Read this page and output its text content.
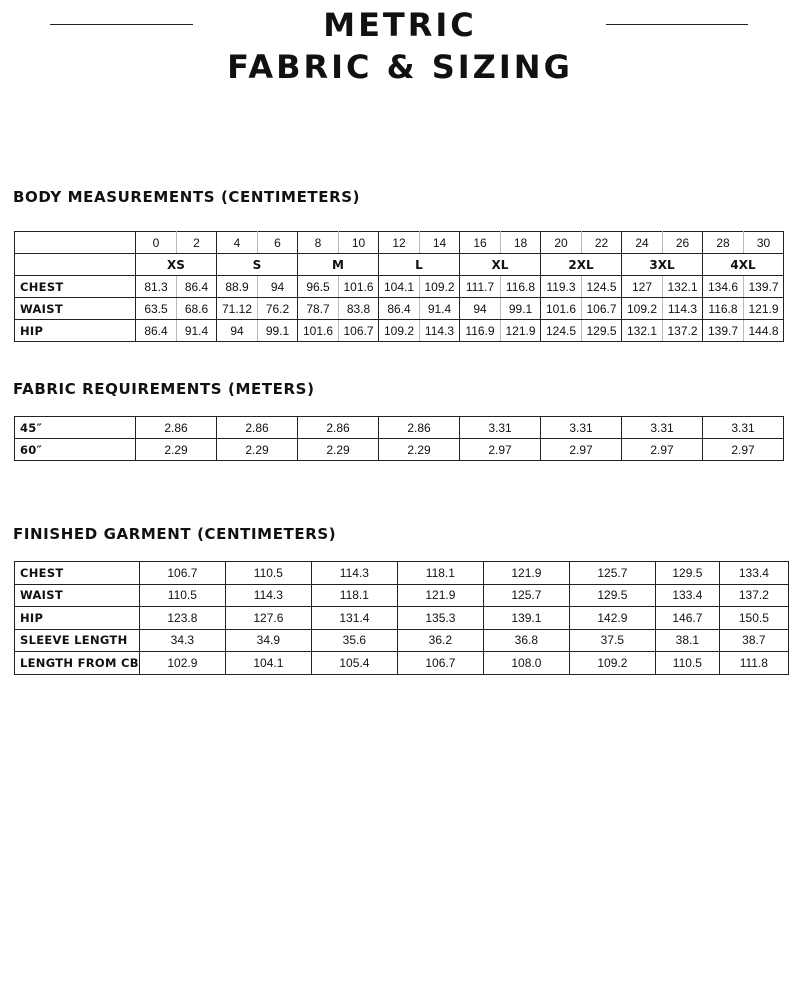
METRIC
FABRIC & SIZING
BODY MEASUREMENTS (CENTIMETERS)
	0	2	4	6	8	10	12	14	16	18	20	22	24	26	28	30
	XS		S		M		L		XL		2XL		3XL		4XL	
CHEST	81.3	86.4	88.9	94	96.5	101.6	104.1	109.2	111.7	116.8	119.3	124.5	127	132.1	134.6	139.7
WAIST	63.5	68.6	71.12	76.2	78.7	83.8	86.4	91.4	94	99.1	101.6	106.7	109.2	114.3	116.8	121.9
HIP	86.4	91.4	94	99.1	101.6	106.7	109.2	114.3	116.9	121.9	124.5	129.5	132.1	137.2	139.7	144.8
FABRIC REQUIREMENTS (METERS)
45″	2.86	2.86	2.86	2.86	3.31	3.31	3.31	3.31
60″	2.29	2.29	2.29	2.29	2.97	2.97	2.97	2.97
FINISHED GARMENT (CENTIMETERS)
CHEST	106.7	110.5	114.3	118.1	121.9	125.7	129.5	133.4
WAIST	110.5	114.3	118.1	121.9	125.7	129.5	133.4	137.2
HIP	123.8	127.6	131.4	135.3	139.1	142.9	146.7	150.5
SLEEVE LENGTH	34.3	34.9	35.6	36.2	36.8	37.5	38.1	38.7
LENGTH FROM CB	102.9	104.1	105.4	106.7	108.0	109.2	110.5	111.8
